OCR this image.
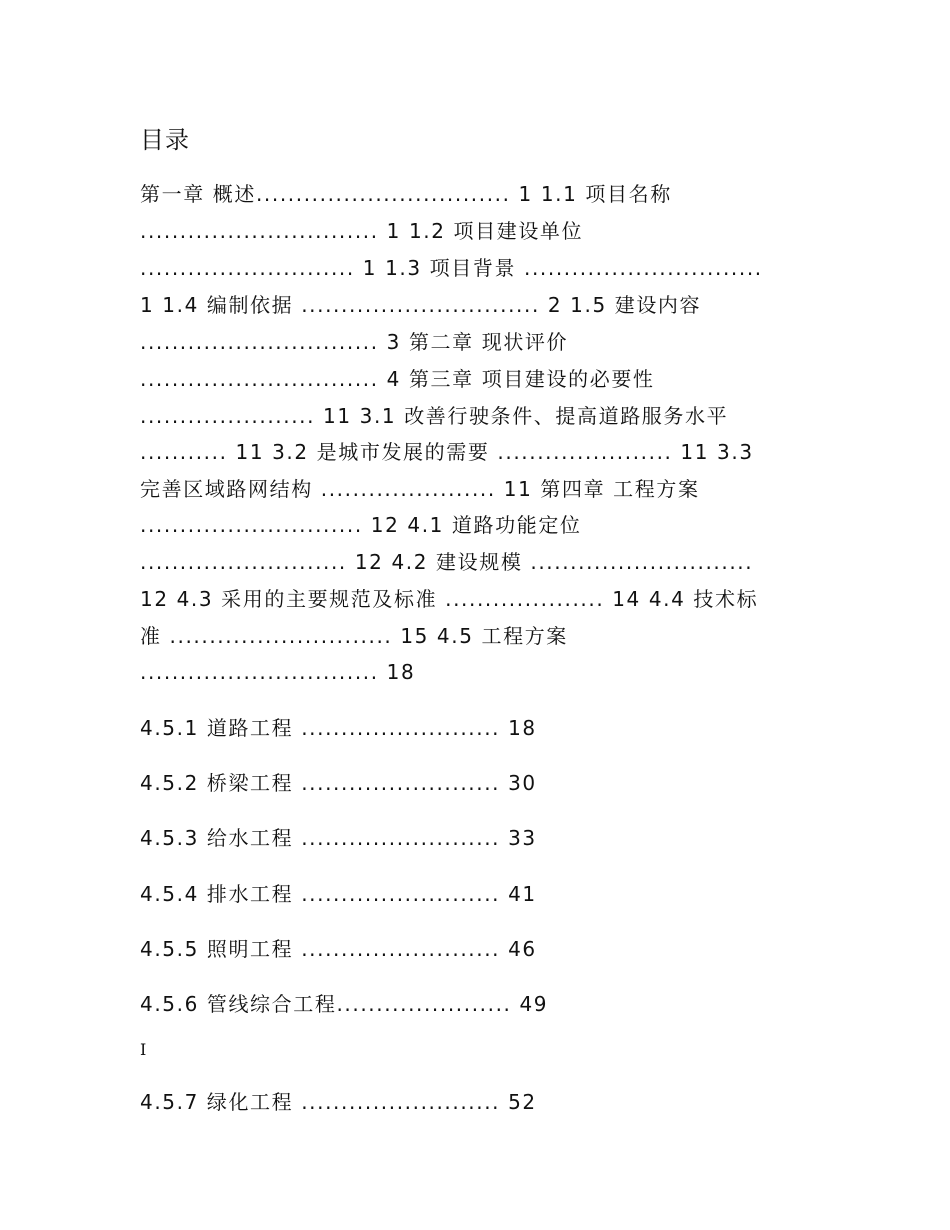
目录
第一章 概述................................ 1 1.1 项目名称
.............................. 1 1.2 项目建设单位
........................... 1 1.3 项目背景 ..............................
1 1.4 编制依据 .............................. 2 1.5 建设内容
.............................. 3 第二章 现状评价
.............................. 4 第三章 项目建设的必要性
...................... 11 3.1 改善行驶条件、提高道路服务水平
........... 11 3.2 是城市发展的需要 ...................... 11 3.3
完善区域路网结构 ...................... 11 第四章 工程方案
............................ 12 4.1 道路功能定位
.......................... 12 4.2 建设规模 ............................
12 4.3 采用的主要规范及标准 .................... 14 4.4 技术标
准 ............................ 15 4.5 工程方案
.............................. 18
4.5.1 道路工程 ......................... 18
4.5.2 桥梁工程 ......................... 30
4.5.3 给水工程 ......................... 33
4.5.4 排水工程 ......................... 41
4.5.5 照明工程 ......................... 46
4.5.6 管线综合工程...................... 49
I
4.5.7 绿化工程 ......................... 52
